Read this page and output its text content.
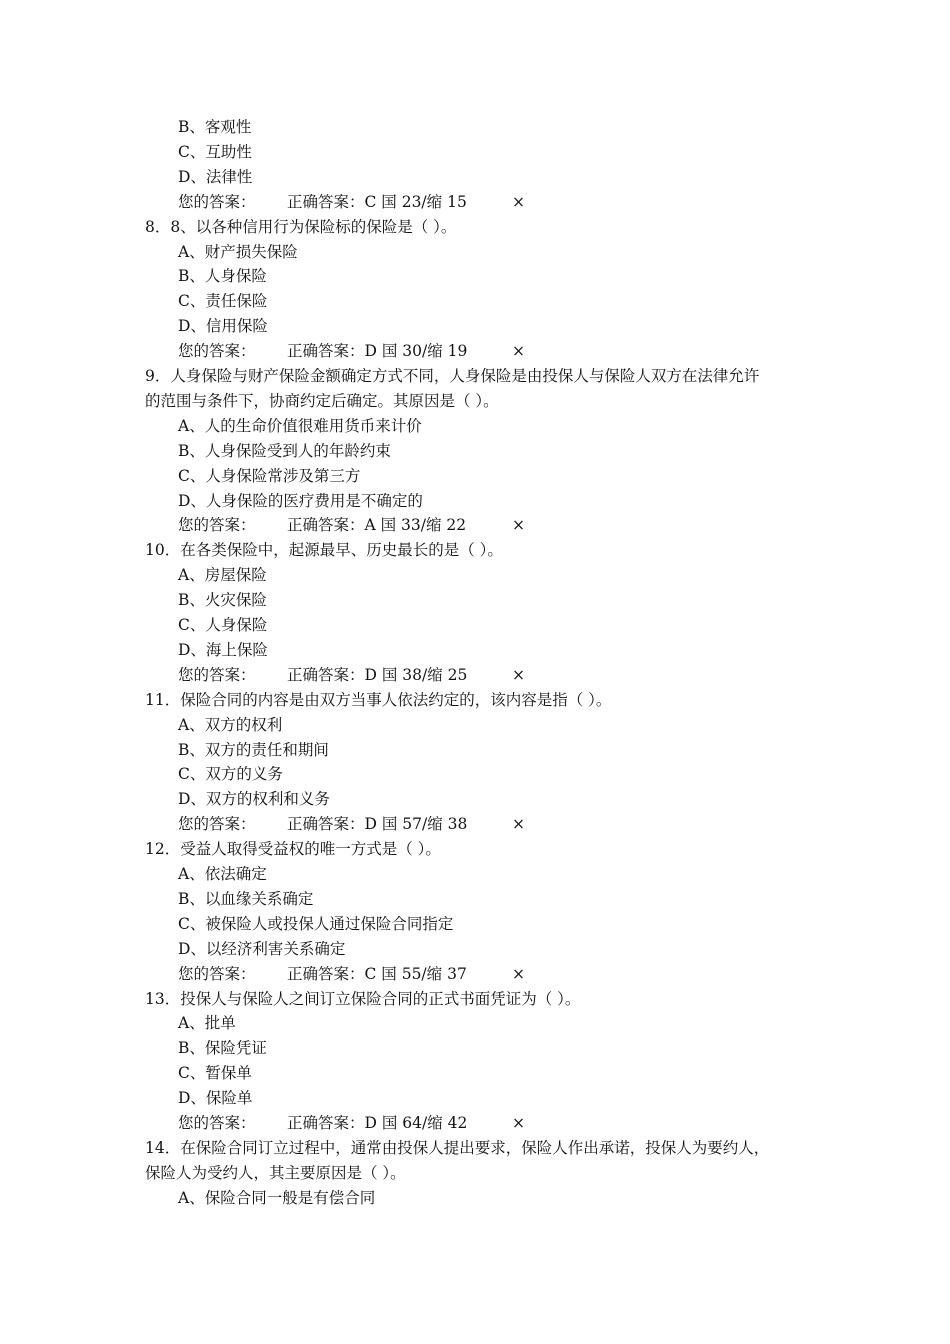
B、客观性
C、互助性
D、法律性
您的答案： 正确答案：C 国 23/缩 15	×
8．8、以各种信用行为保险标的保险是（ ）。
A、财产损失保险
B、人身保险
C、责任保险
D、信用保险
您的答案： 正确答案：D 国 30/缩 19	×
9．人身保险与财产保险金额确定方式不同，人身保险是由投保人与保险人双方在法律允许
的范围与条件下，协商约定后确定。其原因是（ ）。
A、人的生命价值很难用货币来计价
B、人身保险受到人的年龄约束
C、人身保险常涉及第三方
D、人身保险的医疗费用是不确定的
您的答案： 正确答案：A 国 33/缩 22	×
10．在各类保险中，起源最早、历史最长的是（ ）。
A、房屋保险
B、火灾保险
C、人身保险
D、海上保险
您的答案： 正确答案：D 国 38/缩 25	×
11．保险合同的内容是由双方当事人依法约定的，该内容是指（ ）。
A、双方的权利
B、双方的责任和期间
C、双方的义务
D、双方的权利和义务
您的答案： 正确答案：D 国 57/缩 38	×
12．受益人取得受益权的唯一方式是（ ）。
A、依法确定
B、以血缘关系确定
C、被保险人或投保人通过保险合同指定
D、以经济利害关系确定
您的答案： 正确答案：C 国 55/缩 37	×
13．投保人与保险人之间订立保险合同的正式书面凭证为（ ）。
A、批单
B、保险凭证
C、暂保单
D、保险单
您的答案： 正确答案：D 国 64/缩 42	×
14．在保险合同订立过程中，通常由投保人提出要求，保险人作出承诺，投保人为要约人，
保险人为受约人，其主要原因是（ ）。
A、保险合同一般是有偿合同
